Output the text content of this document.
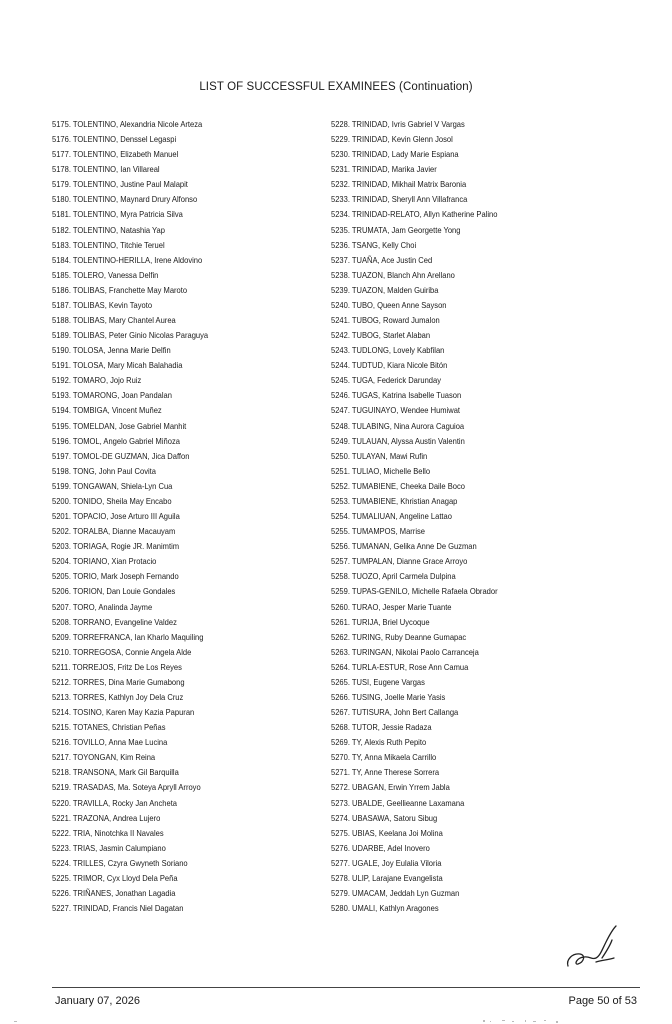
LIST OF SUCCESSFUL EXAMINEES (Continuation)
5175. TOLENTINO, Alexandria Nicole Arteza
5176. TOLENTINO, Denssel Legaspi
5177. TOLENTINO, Elizabeth Manuel
5178. TOLENTINO, Ian Villareal
5179. TOLENTINO, Justine Paul Malapit
5180. TOLENTINO, Maynard Drury Alfonso
5181. TOLENTINO, Myra Patricia Silva
5182. TOLENTINO, Natashia Yap
5183. TOLENTINO, Titchie Teruel
5184. TOLENTINO-HERILLA, Irene Aldovino
5185. TOLERO, Vanessa Delfin
5186. TOLIBAS, Franchette May Maroto
5187. TOLIBAS, Kevin Tayoto
5188. TOLIBAS, Mary Chantel Aurea
5189. TOLIBAS, Peter Ginio Nicolas Paraguya
5190. TOLOSA, Jenna Marie Delfin
5191. TOLOSA, Mary Micah Balahadia
5192. TOMARO, Jojo Ruiz
5193. TOMARONG, Joan Pandalan
5194. TOMBIGA, Vincent Muñez
5195. TOMELDAN, Jose Gabriel Manhit
5196. TOMOL, Angelo Gabriel Miñoza
5197. TOMOL-DE GUZMAN, Jica Daffon
5198. TONG, John Paul Covita
5199. TONGAWAN, Shiela-Lyn Cua
5200. TONIDO, Sheila May Encabo
5201. TOPACIO, Jose Arturo III Aguila
5202. TORALBA, Dianne Macauyam
5203. TORIAGA, Rogie JR. Manimtim
5204. TORIANO, Xian Protacio
5205. TORIO, Mark Joseph Fernando
5206. TORION, Dan Louie Gondales
5207. TORO, Analinda Jayme
5208. TORRANO, Evangeline Valdez
5209. TORREFRANCA, Ian Kharlo Maquiling
5210. TORREGOSA, Connie Angela Alde
5211. TORREJOS, Fritz De Los Reyes
5212. TORRES, Dina Marie Gumabong
5213. TORRES, Kathlyn Joy Dela Cruz
5214. TOSINO, Karen May Kazia Papuran
5215. TOTANES, Christian Peñas
5216. TOVILLO, Anna Mae Lucina
5217. TOYONGAN, Kim Reina
5218. TRANSONA, Mark Gil Barquilla
5219. TRASADAS, Ma. Soteya Apryll Arroyo
5220. TRAVILLA, Rocky Jan Ancheta
5221. TRAZONA, Andrea Lujero
5222. TRIA, Ninotchka II Navales
5223. TRIAS, Jasmin Calumpiano
5224. TRILLES, Czyra Gwyneth Soriano
5225. TRIMOR, Cyx Lloyd Dela Peña
5226. TRIÑANES, Jonathan Lagadia
5227. TRINIDAD, Francis Niel Dagatan
5228. TRINIDAD, Ivris Gabriel V Vargas
5229. TRINIDAD, Kevin Glenn Josol
5230. TRINIDAD, Lady Marie Espiana
5231. TRINIDAD, Marika Javier
5232. TRINIDAD, Mikhail Matrix Baronia
5233. TRINIDAD, Sheryll Ann Villafranca
5234. TRINIDAD-RELATO, Allyn Katherine Palino
5235. TRUMATA, Jam Georgette Yong
5236. TSANG, Kelly Choi
5237. TUAÑA, Ace Justin Ced
5238. TUAZON, Blanch Ahn Arellano
5239. TUAZON, Malden Guiriba
5240. TUBO, Queen Anne Sayson
5241. TUBOG, Roward Jumalon
5242. TUBOG, Starlet Alaban
5243. TUDLONG, Lovely Kabfilan
5244. TUDTUD, Kiara Nicole Bitón
5245. TUGA, Federick Darunday
5246. TUGAS, Katrina Isabelle Tuason
5247. TUGUINAYO, Wendee Humiwat
5248. TULABING, Nina Aurora Caguioa
5249. TULAUAN, Alyssa Austin Valentin
5250. TULAYAN, Mawi Rufin
5251. TULIAO, Michelle Bello
5252. TUMABIENE, Cheeka Daile Boco
5253. TUMABIENE, Khristian Anagap
5254. TUMALIUAN, Angeline Lattao
5255. TUMAMPOS, Marrise
5256. TUMANAN, Gelika Anne De Guzman
5257. TUMPALAN, Dianne Grace Arroyo
5258. TUOZO, April Carmela Dulpina
5259. TUPAS-GENILO, Michelle Rafaela Obrador
5260. TURAO, Jesper Marie Tuante
5261. TURIJA, Briel Uycoque
5262. TURING, Ruby Deanne Gumapac
5263. TURINGAN, Nikolai Paolo Carranceja
5264. TURLA-ESTUR, Rose Ann Camua
5265. TUSI, Eugene Vargas
5266. TUSING, Joelle Marie Yasis
5267. TUTISURA, John Bert Callanga
5268. TUTOR, Jessie Radaza
5269. TY, Alexis Ruth Pepito
5270. TY, Anna Mikaela Carrillo
5271. TY, Anne Therese Sorrera
5272. UBAGAN, Erwin Yrrem Jabla
5273. UBALDE, Geellieanne Laxamana
5274. UBASAWA, Satoru Sibug
5275. UBIAS, Keelana Joi Molina
5276. UDARBE, Adel Inovero
5277. UGALE, Joy Eulalia Viloria
5278. ULIP, Larajane Evangelista
5279. UMACAM, Jeddah Lyn Guzman
5280. UMALI, Kathlyn Aragones
January 07, 2026	Page 50 of 53
